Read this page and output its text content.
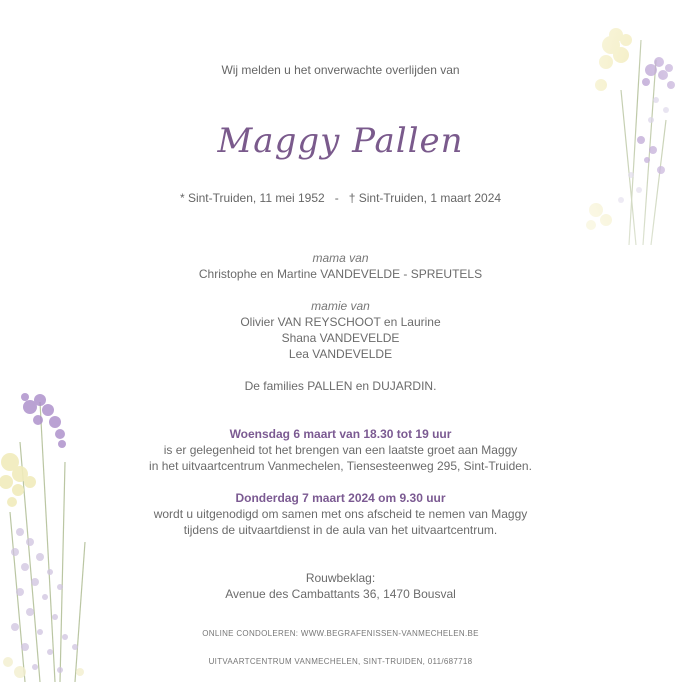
Wij melden u het onverwachte overlijden van
Maggy Pallen
* Sint-Truiden, 11 mei 1952 - † Sint-Truiden, 1 maart 2024
mama van
Christophe en Martine VANDEVELDE - SPREUTELS
mamie van
Olivier VAN REYSCHOOT en Laurine
Shana VANDEVELDE
Lea VANDEVELDE
De families PALLEN en DUJARDIN.
Woensdag 6 maart van 18.30 tot 19 uur
is er gelegenheid tot het brengen van een laatste groet aan Maggy
in het uitvaartcentrum Vanmechelen, Tiensesteenweg 295, Sint-Truiden.
Donderdag 7 maart 2024 om 9.30 uur
wordt u uitgenodigd om samen met ons afscheid te nemen van Maggy
tijdens de uitvaartdienst in de aula van het uitvaartcentrum.
Rouwbeklag:
Avenue des Cambattants 36, 1470 Bousval
ONLINE CONDOLEREN: WWW.BEGRAFENISSEN-VANMECHELEN.BE
UITVAARTCENTRUM VANMECHELEN, SINT-TRUIDEN, 011/687718
